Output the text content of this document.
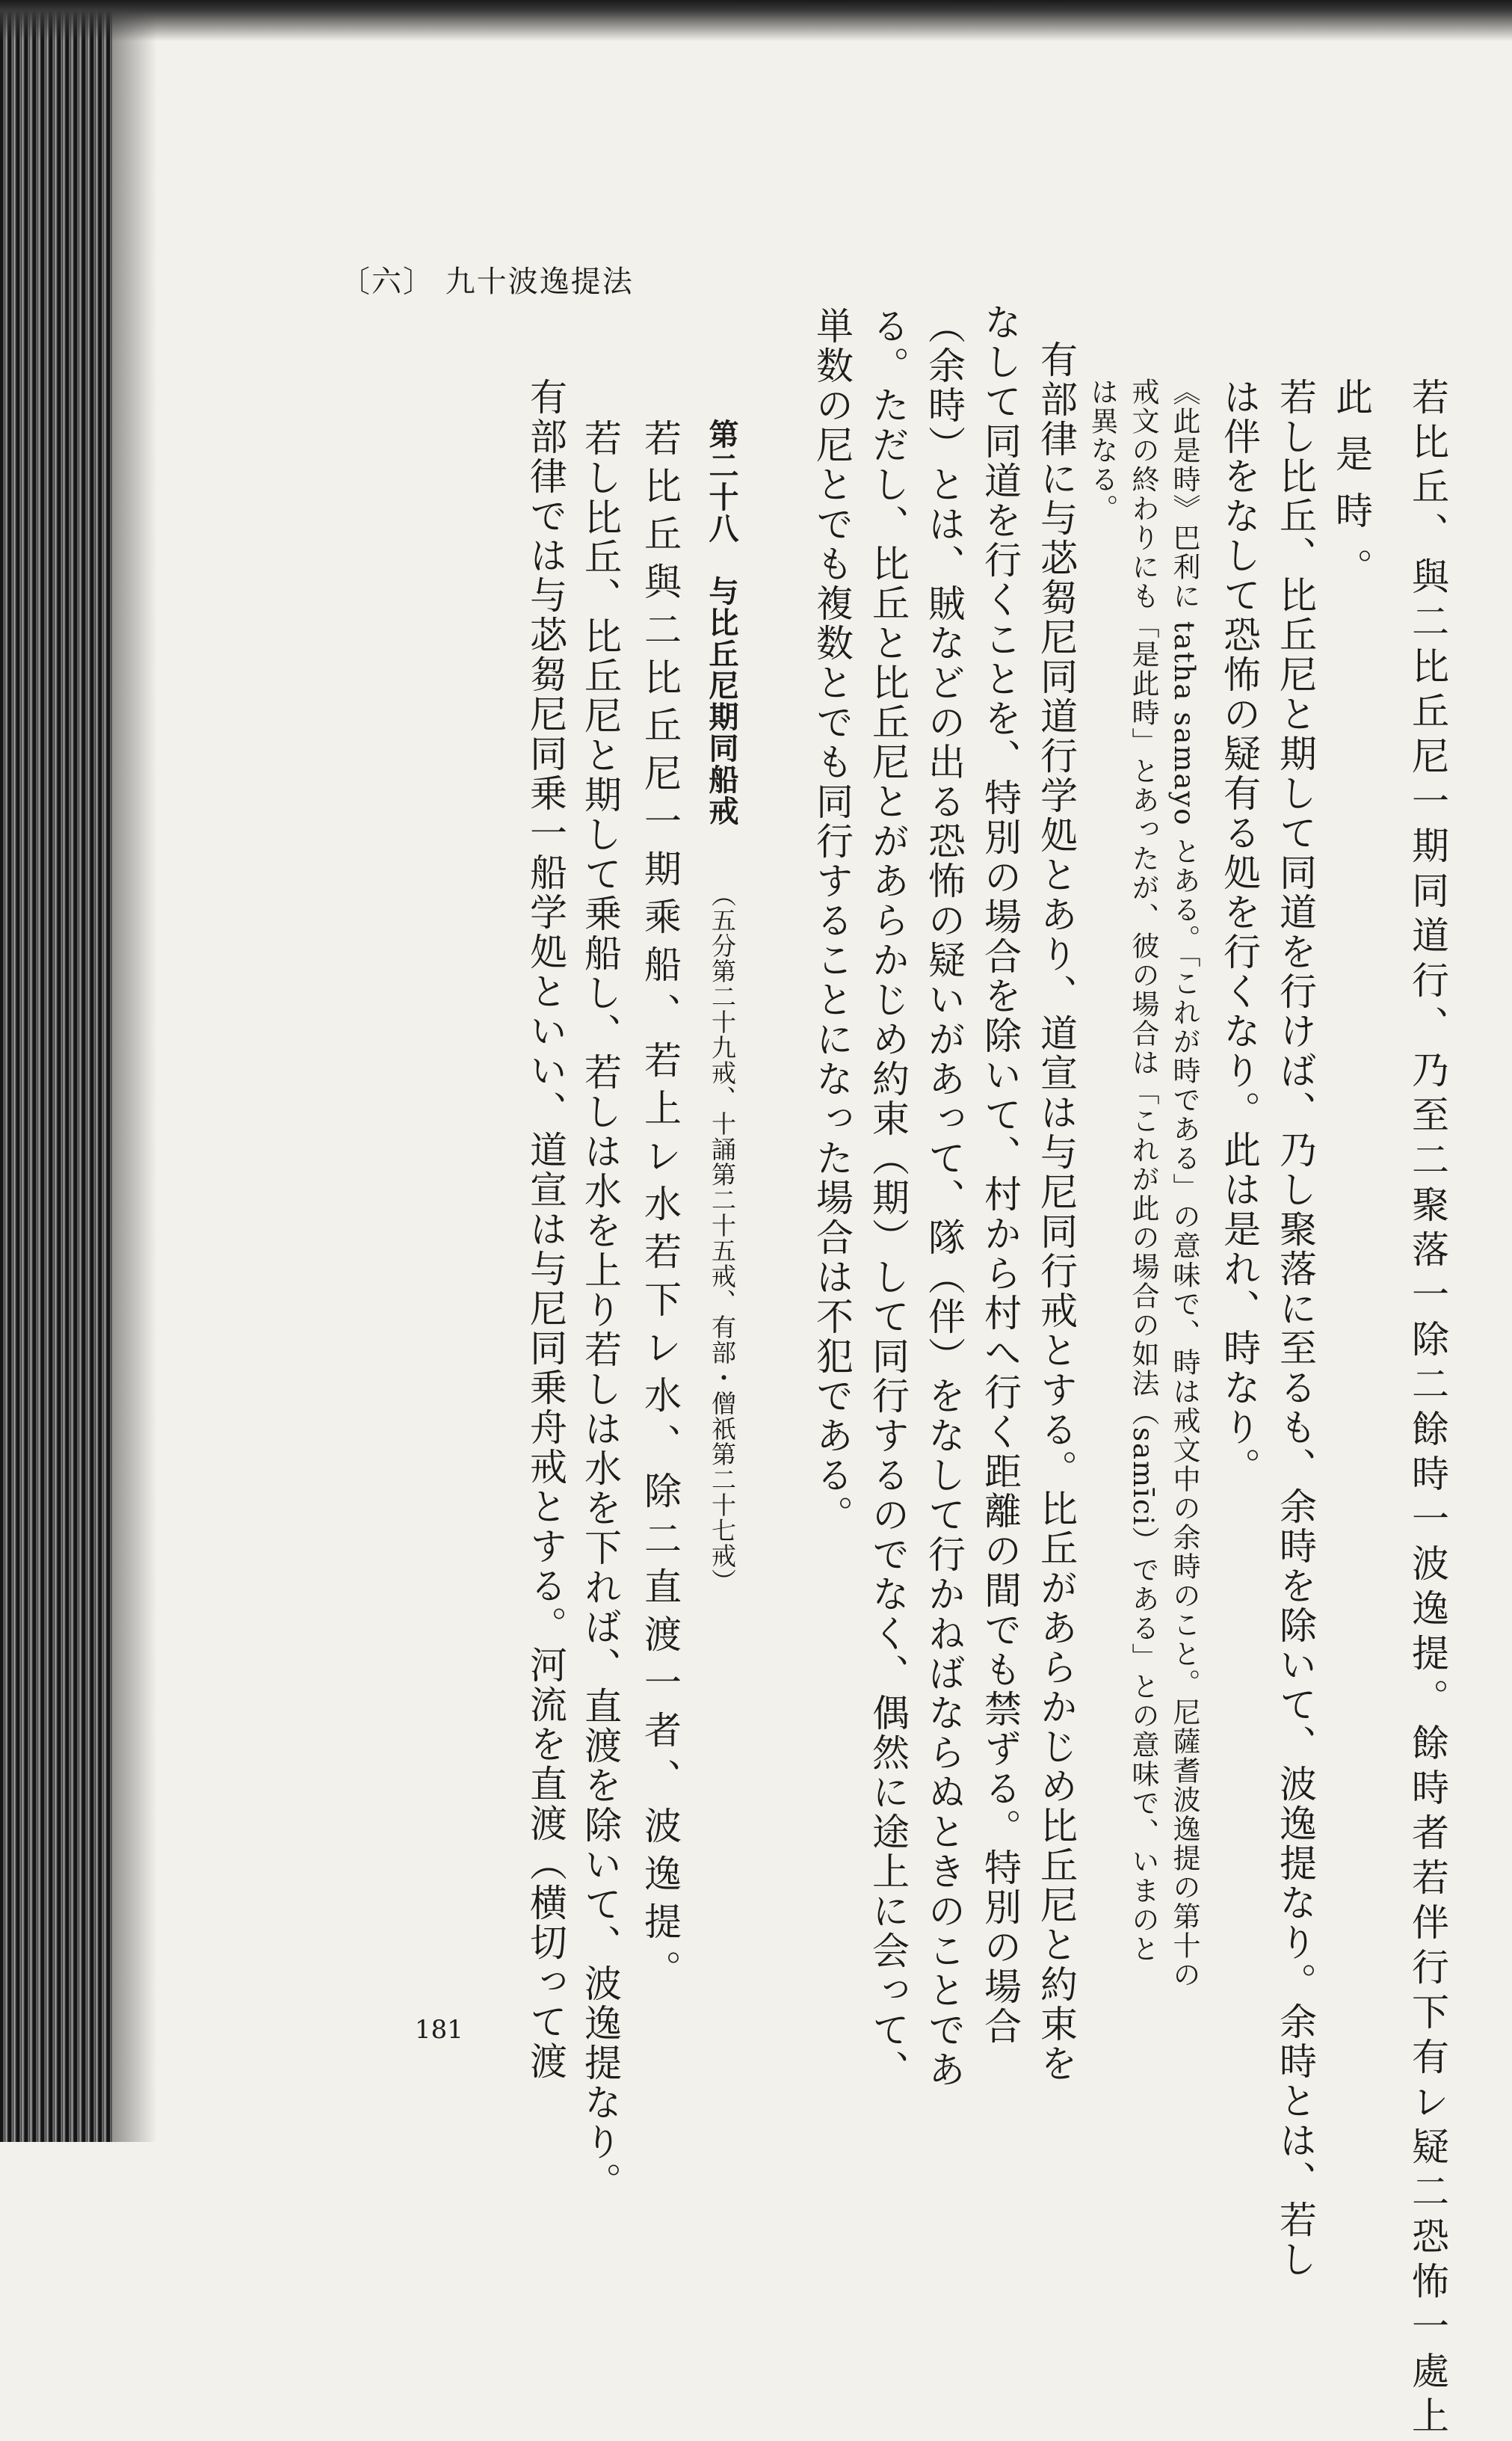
〔六〕 九十波逸提法
若比丘、與二比丘尼一期同道行、乃至二聚落一除二餘時一波逸提。餘時者若伴行下有レ疑二恐怖一處上
此是時。
若し比丘、比丘尼と期して同道を行けば、乃し聚落に至るも、余時を除いて、波逸提なり。余時とは、若し
は伴をなして恐怖の疑有る処を行くなり。此は是れ、時なり。
《此是時》巴利に tatha samayo とある。「これが時である」の意味で、時は戒文中の余時のこと。尼薩耆波逸提の第十の
戒文の終わりにも「是此時」とあったが、彼の場合は「これが此の場合の如法（samīci）である」との意味で、いまのと
は異なる。
有部律に与苾芻尼同道行学処とあり、道宣は与尼同行戒とする。比丘があらかじめ比丘尼と約束を
なして同道を行くことを、特別の場合を除いて、村から村へ行く距離の間でも禁ずる。特別の場合
（余時）とは、賊などの出る恐怖の疑いがあって、隊（伴）をなして行かねばならぬときのことであ
る。ただし、比丘と比丘尼とがあらかじめ約束（期）して同行するのでなく、偶然に途上に会って、
単数の尼とでも複数とでも同行することになった場合は不犯である。
第二十八　与比丘尼期同船戒
（五分第二十九戒、十誦第二十五戒、有部・僧祇第二十七戒）
若比丘與二比丘尼一期乘船、若上レ水若下レ水、除二直渡一者、波逸提。
若し比丘、比丘尼と期して乗船し、若しは水を上り若しは水を下れば、直渡を除いて、波逸提なり。
有部律では与苾芻尼同乗一船学処といい、道宣は与尼同乗舟戒とする。河流を直渡（横切って渡
181
